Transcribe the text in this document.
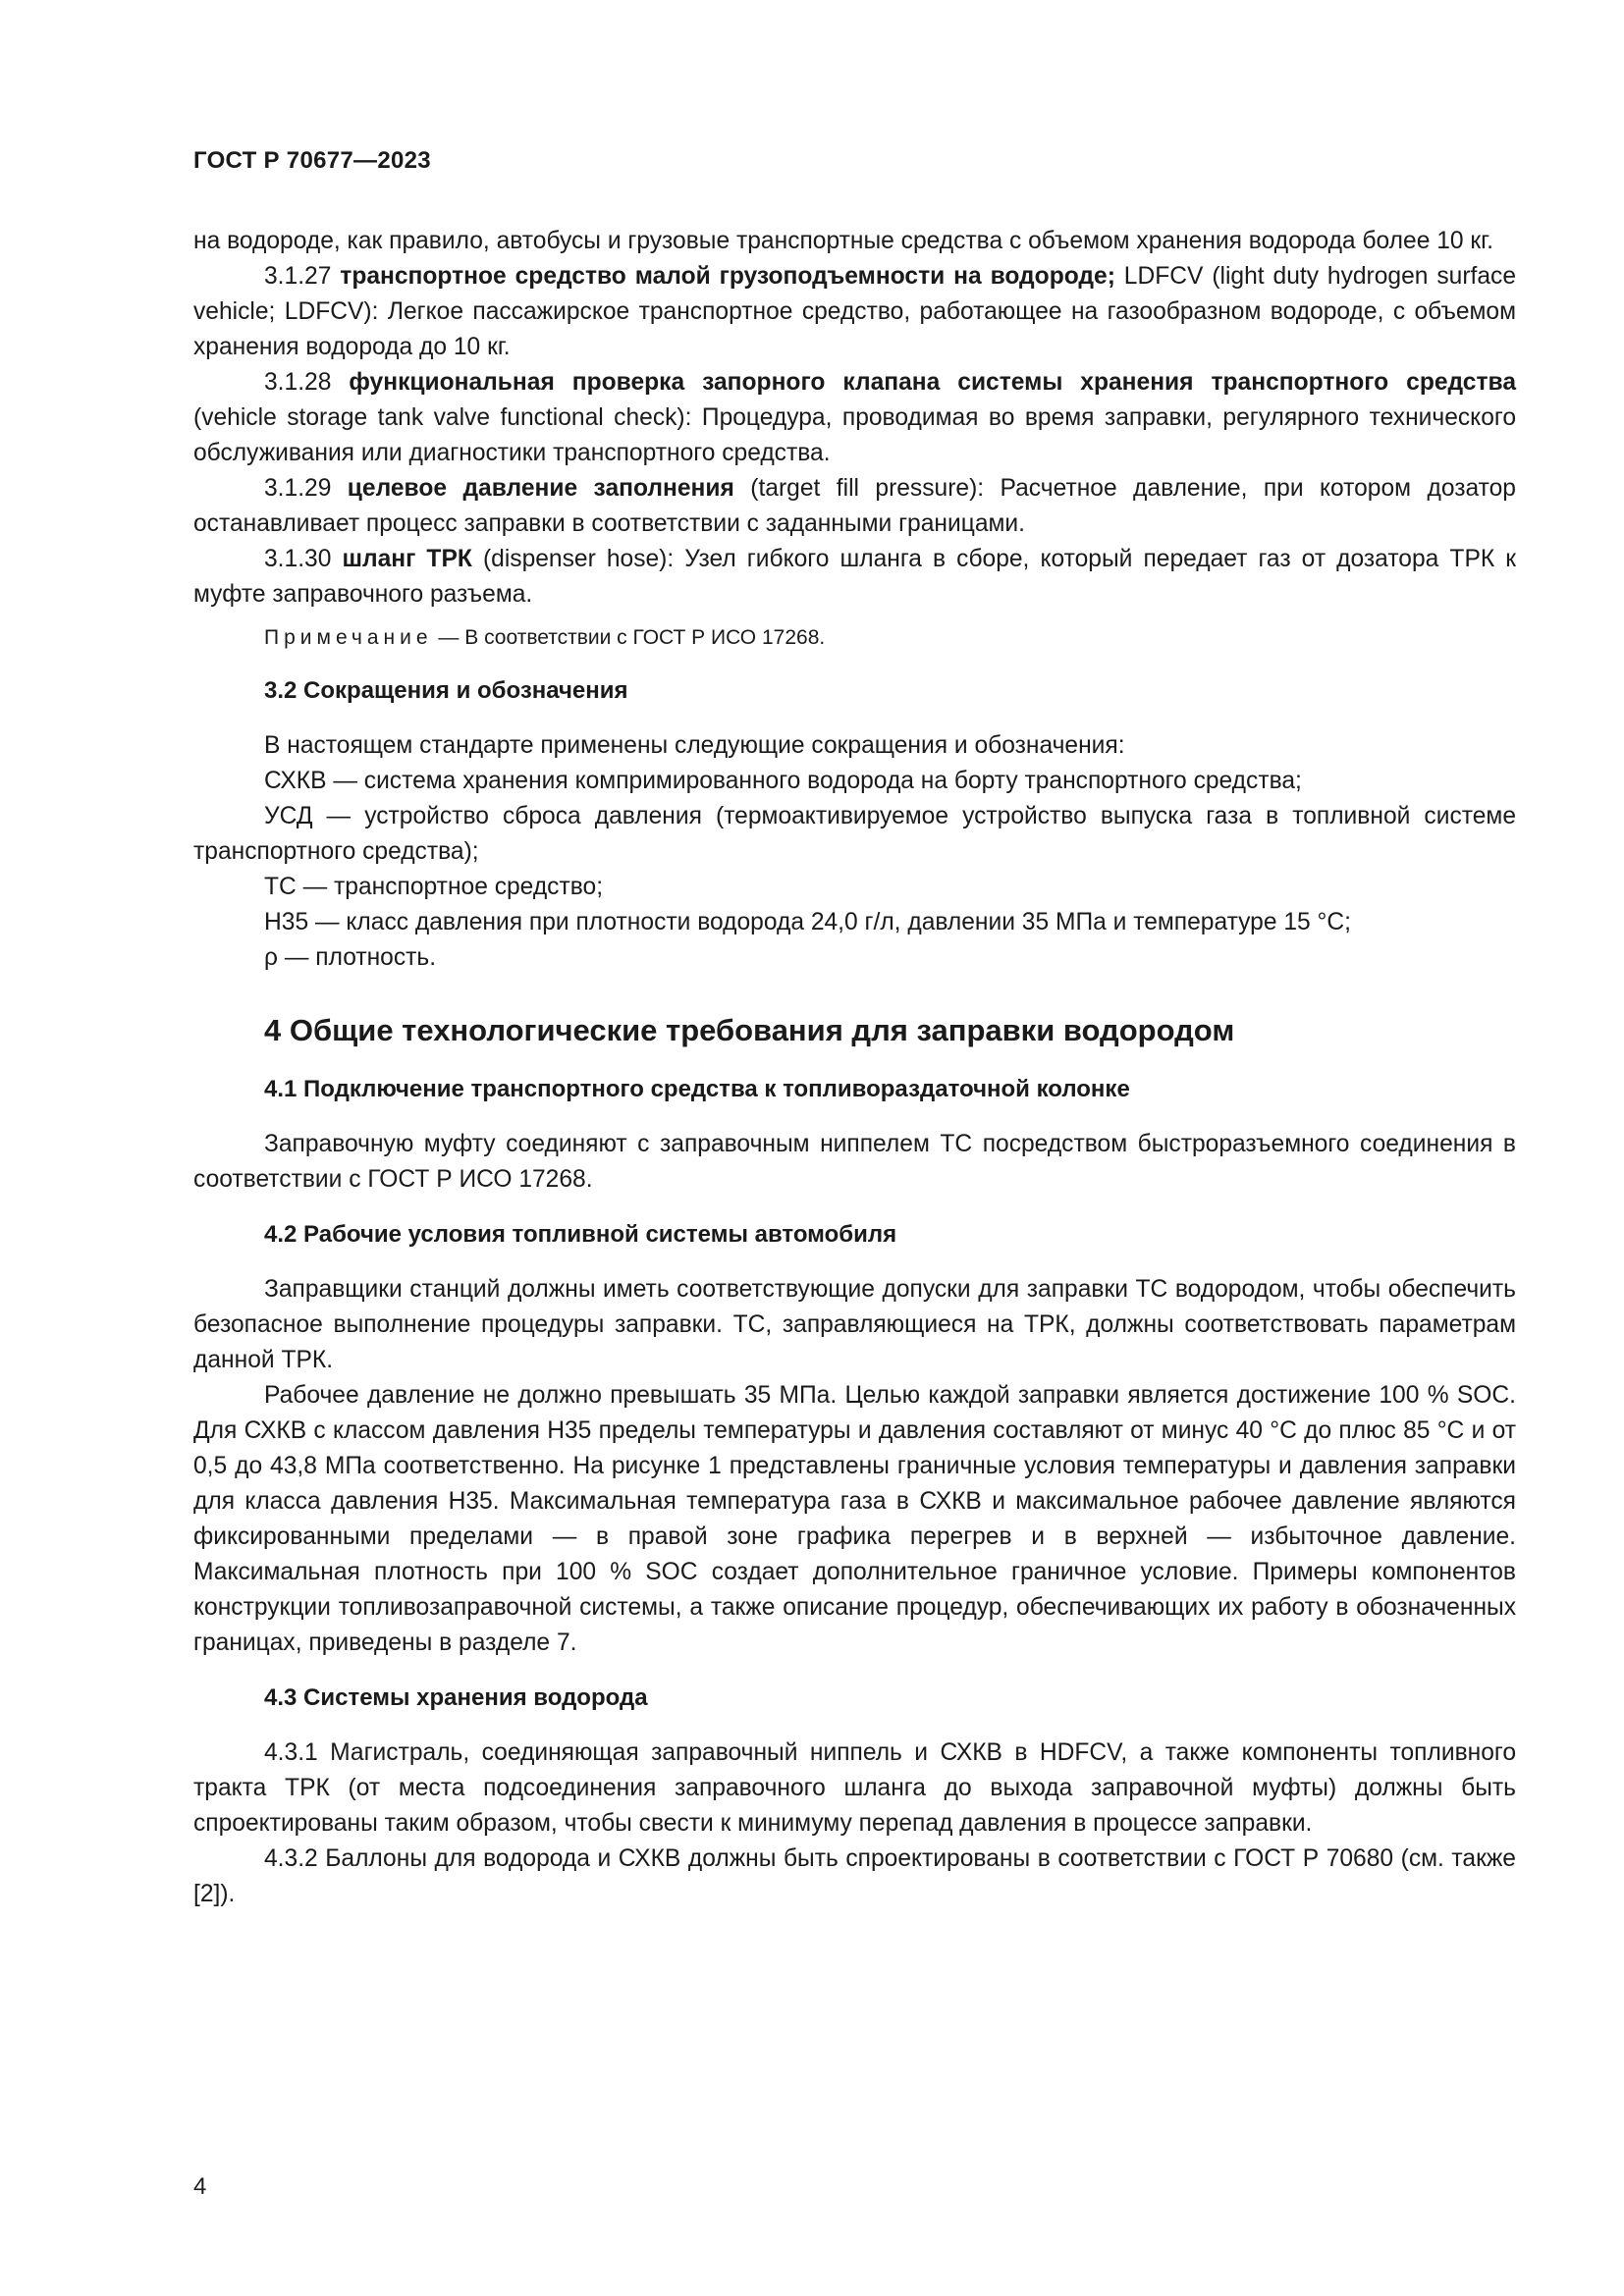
ГОСТ Р 70677—2023

на водороде, как правило, автобусы и грузовые транспортные средства с объемом хранения водорода более 10 кг.

3.1.27 транспортное средство малой грузоподъемности на водороде; LDFCV (light duty hydrogen surface vehicle; LDFCV): Легкое пассажирское транспортное средство, работающее на газообразном водороде, с объемом хранения водорода до 10 кг.

3.1.28 функциональная проверка запорного клапана системы хранения транспортного средства (vehicle storage tank valve functional check): Процедура, проводимая во время заправки, регулярного технического обслуживания или диагностики транспортного средства.

3.1.29 целевое давление заполнения (target fill pressure): Расчетное давление, при котором дозатор останавливает процесс заправки в соответствии с заданными границами.

3.1.30 шланг ТРК (dispenser hose): Узел гибкого шланга в сборе, который передает газ от дозатора ТРК к муфте заправочного разъема.

Примечание — В соответствии с ГОСТ Р ИСО 17268.

3.2 Сокращения и обозначения

В настоящем стандарте применены следующие сокращения и обозначения:

СХКВ — система хранения компримированного водорода на борту транспортного средства;

УСД — устройство сброса давления (термоактивируемое устройство выпуска газа в топливной системе транспортного средства);

ТС — транспортное средство;

Н35 — класс давления при плотности водорода 24,0 г/л, давлении 35 МПа и температуре 15 °С;

ρ — плотность.

4 Общие технологические требования для заправки водородом
4.1 Подключение транспортного средства к топливораздаточной колонке

Заправочную муфту соединяют с заправочным ниппелем ТС посредством быстроразъемного соединения в соответствии с ГОСТ Р ИСО 17268.

4.2 Рабочие условия топливной системы автомобиля

Заправщики станций должны иметь соответствующие допуски для заправки ТС водородом, чтобы обеспечить безопасное выполнение процедуры заправки. ТС, заправляющиеся на ТРК, должны соответствовать параметрам данной ТРК.

Рабочее давление не должно превышать 35 МПа. Целью каждой заправки является достижение 100 % SOC. Для СХКВ с классом давления Н35 пределы температуры и давления составляют от минус 40 °С до плюс 85 °С и от 0,5 до 43,8 МПа соответственно. На рисунке 1 представлены граничные условия температуры и давления заправки для класса давления Н35. Максимальная температура газа в СХКВ и максимальное рабочее давление являются фиксированными пределами — в правой зоне графика перегрев и в верхней — избыточное давление. Максимальная плотность при 100 % SOC создает дополнительное граничное условие. Примеры компонентов конструкции топливозаправочной системы, а также описание процедур, обеспечивающих их работу в обозначенных границах, приведены в разделе 7.

4.3 Системы хранения водорода

4.3.1 Магистраль, соединяющая заправочный ниппель и СХКВ в HDFCV, а также компоненты топливного тракта ТРК (от места подсоединения заправочного шланга до выхода заправочной муфты) должны быть спроектированы таким образом, чтобы свести к минимуму перепад давления в процессе заправки.

4.3.2 Баллоны для водорода и СХКВ должны быть спроектированы в соответствии с ГОСТ Р 70680 (см. также [2]).

4
